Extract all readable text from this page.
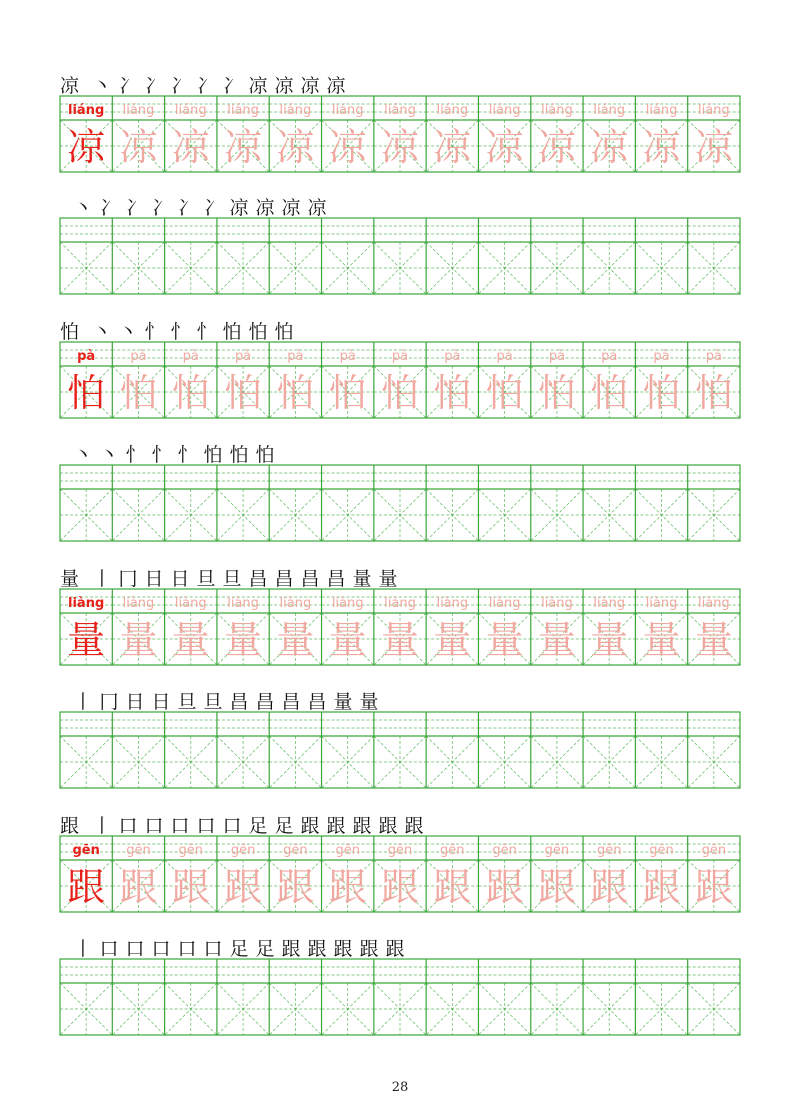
凉 丶 冫 冫 冫 冫 冫 凉 凉 凉 凉
liáng
凉
liáng
凉
liáng
凉
liáng
凉
liáng
凉
liáng
凉
liáng
凉
liáng
凉
liáng
凉
liáng
凉
liáng
凉
liáng
凉
liáng
凉
丶 冫 冫 冫 冫 冫 凉 凉 凉 凉
怕 丶 丶 忄 忄 忄 怕 怕 怕
pà
怕
pà
怕
pà
怕
pà
怕
pà
怕
pà
怕
pà
怕
pà
怕
pà
怕
pà
怕
pà
怕
pà
怕
pà
怕
丶 丶 忄 忄 忄 怕 怕 怕
量 丨 冂 日 日 旦 旦 昌 昌 昌 昌 量 量
liàng
量
liàng
量
liàng
量
liàng
量
liàng
量
liàng
量
liàng
量
liàng
量
liàng
量
liàng
量
liàng
量
liàng
量
liàng
量
丨 冂 日 日 旦 旦 昌 昌 昌 昌 量 量
跟 丨 口 口 口 口 口 足 足 跟 跟 跟 跟 跟
gēn
跟
gēn
跟
gēn
跟
gēn
跟
gēn
跟
gēn
跟
gēn
跟
gēn
跟
gēn
跟
gēn
跟
gēn
跟
gēn
跟
gēn
跟
丨 口 口 口 口 口 足 足 跟 跟 跟 跟 跟
28
